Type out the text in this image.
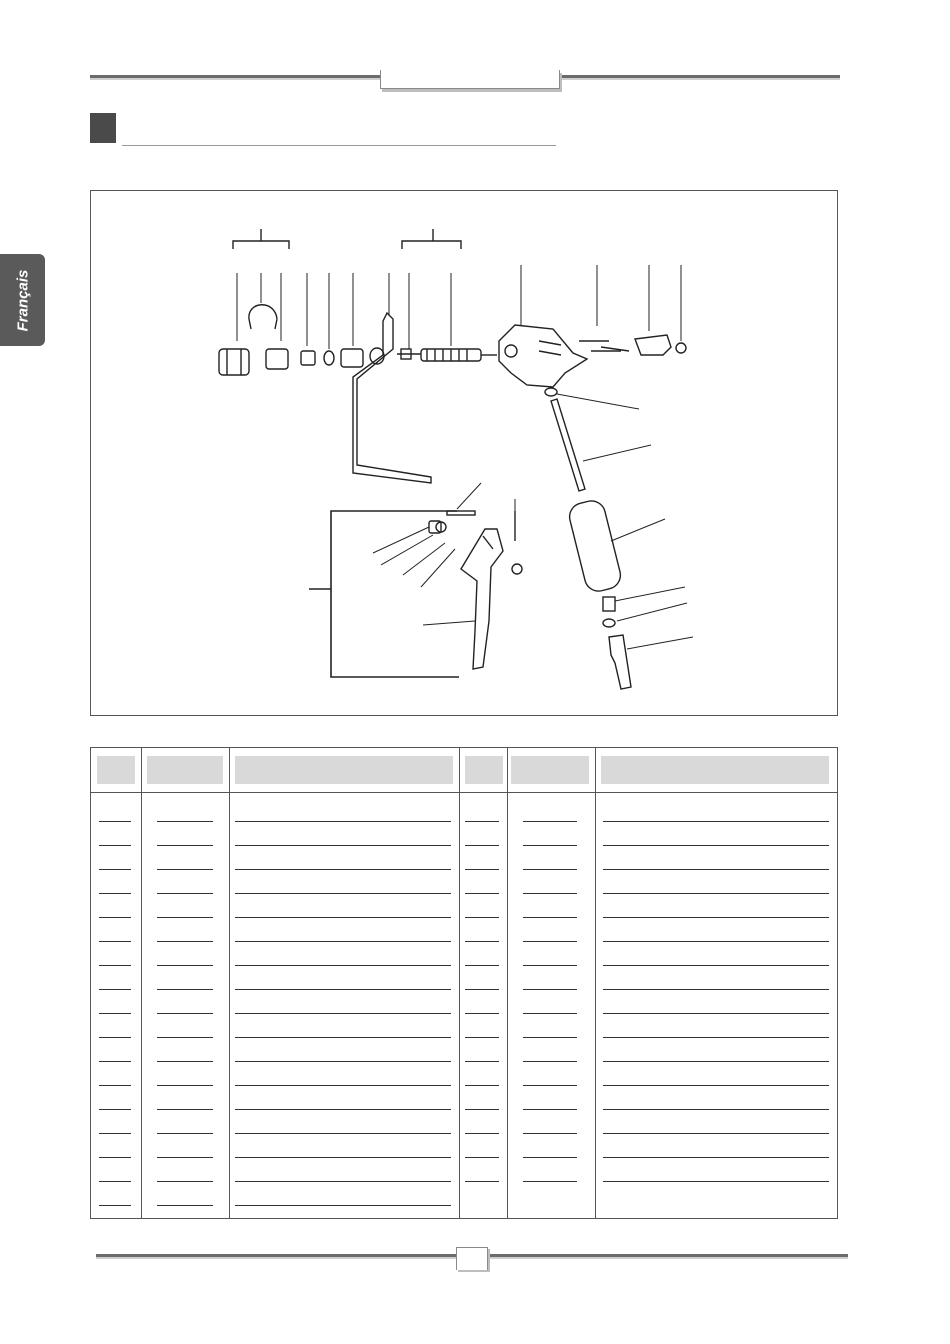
Français
